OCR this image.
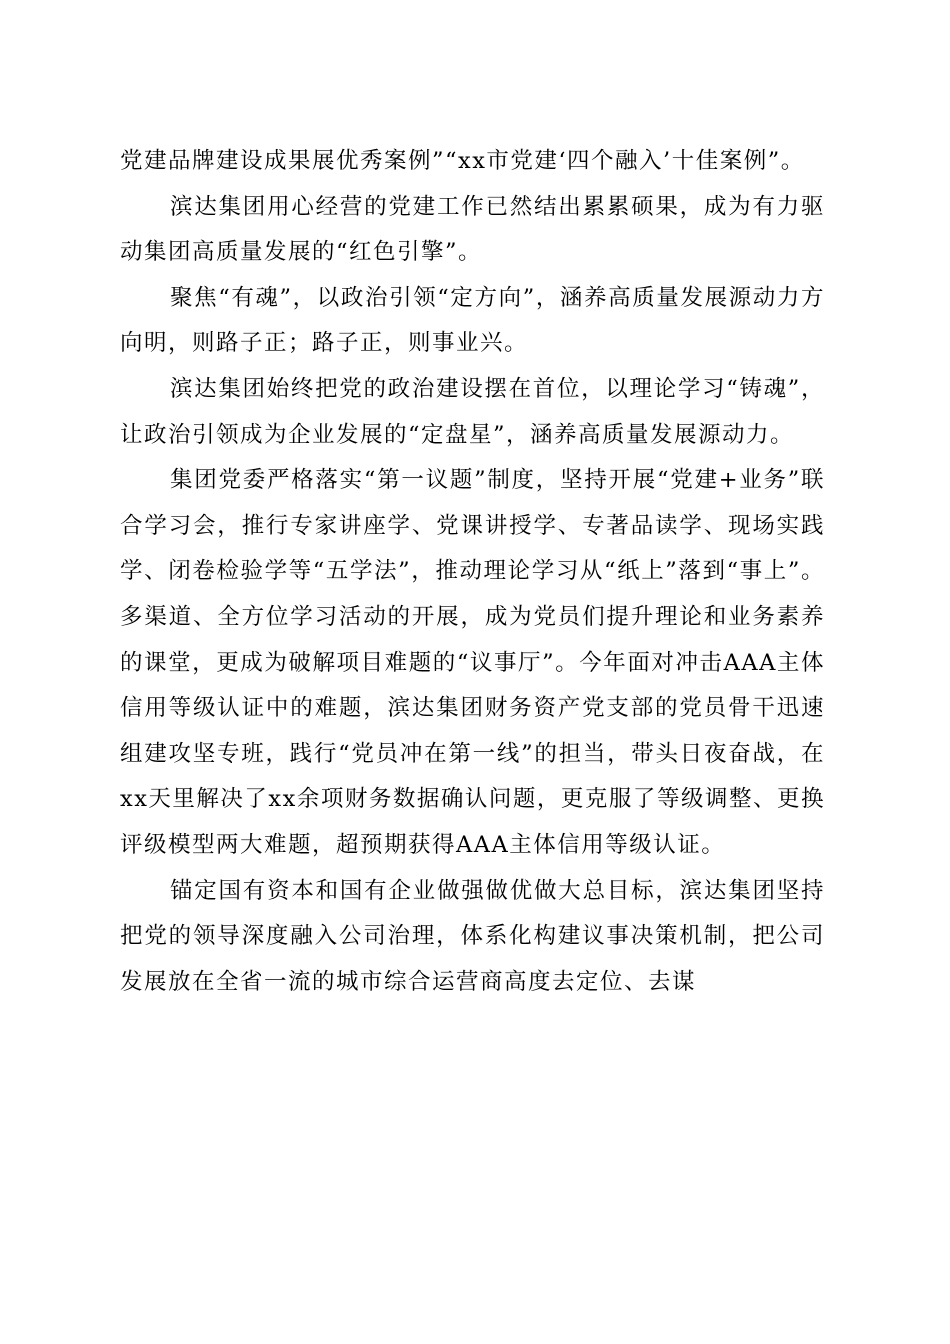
党建品牌建设成果展优秀案例”“xx市党建‘四个融入’十佳案例”。

滨达集团用心经营的党建工作已然结出累累硕果，成为有力驱动集团高质量发展的“红色引擎”。

聚焦“有魂”，以政治引领“定方向”，涵养高质量发展源动力方向明，则路子正；路子正，则事业兴。

滨达集团始终把党的政治建设摆在首位，以理论学习“铸魂”，让政治引领成为企业发展的“定盘星”，涵养高质量发展源动力。

集团党委严格落实“第一议题”制度，坚持开展“党建+业务”联合学习会，推行专家讲座学、党课讲授学、专著品读学、现场实践学、闭卷检验学等“五学法”，推动理论学习从“纸上”落到“事上”。多渠道、全方位学习活动的开展，成为党员们提升理论和业务素养的课堂，更成为破解项目难题的“议事厅”。今年面对冲击AAA主体信用等级认证中的难题，滨达集团财务资产党支部的党员骨干迅速组建攻坚专班，践行“党员冲在第一线”的担当，带头日夜奋战，在xx天里解决了xx余项财务数据确认问题，更克服了等级调整、更换评级模型两大难题，超预期获得AAA主体信用等级认证。

锚定国有资本和国有企业做强做优做大总目标，滨达集团坚持把党的领导深度融入公司治理，体系化构建议事决策机制，把公司发展放在全省一流的城市综合运营商高度去定位、去谋
